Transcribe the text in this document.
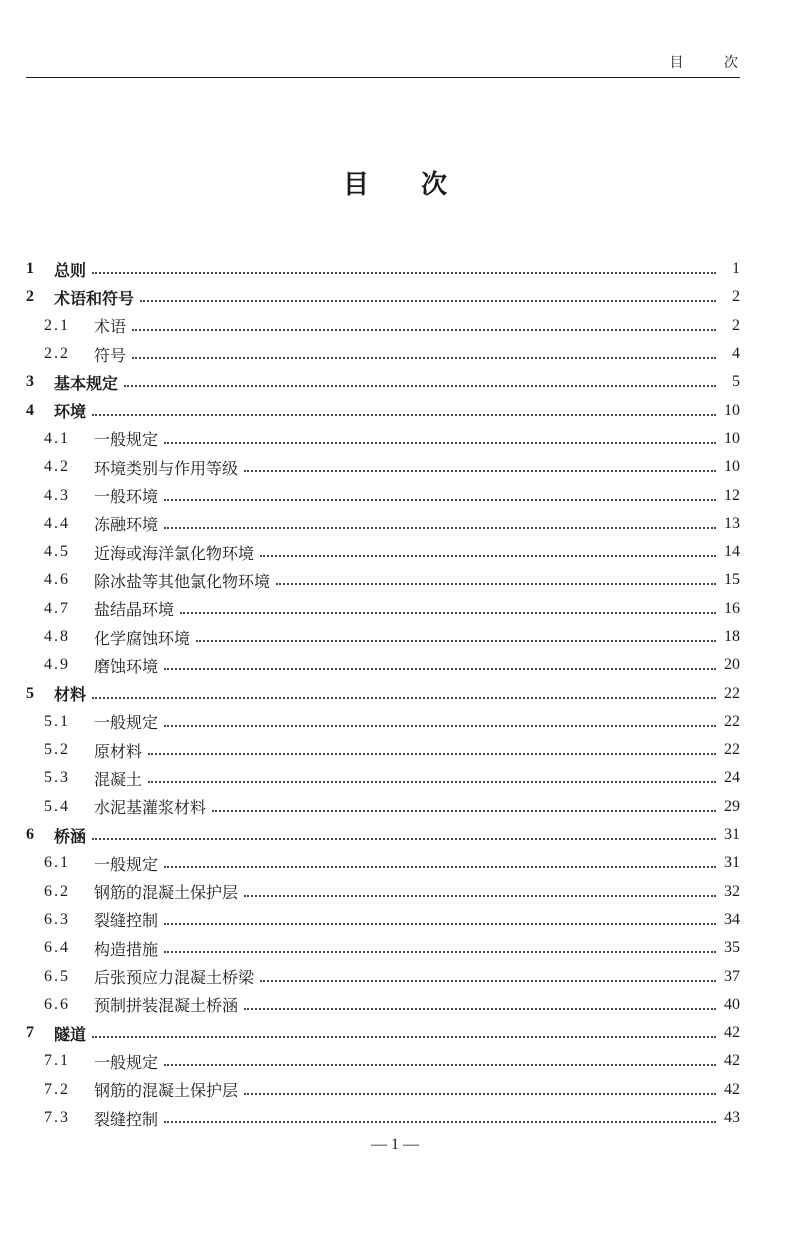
目 次
目次
1	总则	1
2	术语和符号	2
2.1	术语	2
2.2	符号	4
3	基本规定	5
4	环境	10
4.1	一般规定	10
4.2	环境类别与作用等级	10
4.3	一般环境	12
4.4	冻融环境	13
4.5	近海或海洋氯化物环境	14
4.6	除冰盐等其他氯化物环境	15
4.7	盐结晶环境	16
4.8	化学腐蚀环境	18
4.9	磨蚀环境	20
5	材料	22
5.1	一般规定	22
5.2	原材料	22
5.3	混凝土	24
5.4	水泥基灌浆材料	29
6	桥涵	31
6.1	一般规定	31
6.2	钢筋的混凝土保护层	32
6.3	裂缝控制	34
6.4	构造措施	35
6.5	后张预应力混凝土桥梁	37
6.6	预制拼装混凝土桥涵	40
7	隧道	42
7.1	一般规定	42
7.2	钢筋的混凝土保护层	42
7.3	裂缝控制	43
— 1 —
